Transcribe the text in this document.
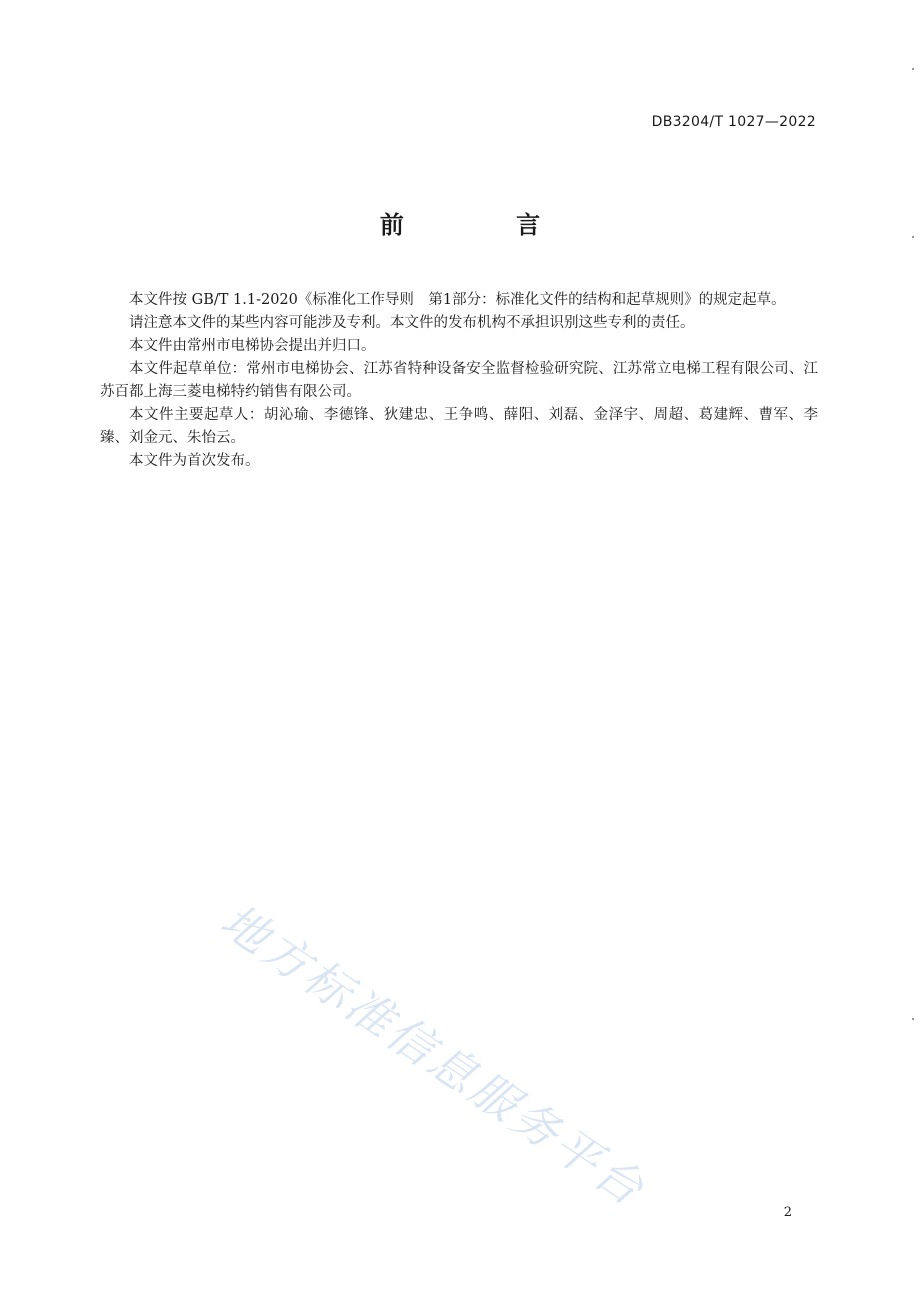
DB3204/T 1027—2022
前 言

本文件按 GB/T 1.1-2020《标准化工作导则　第1部分：标准化文件的结构和起草规则》的规定起草。

请注意本文件的某些内容可能涉及专利。本文件的发布机构不承担识别这些专利的责任。

本文件由常州市电梯协会提出并归口。

本文件起草单位：常州市电梯协会、江苏省特种设备安全监督检验研究院、江苏常立电梯工程有限公司、江苏百都上海三菱电梯特约销售有限公司。

本文件主要起草人：胡沁瑜、李德锋、狄建忠、王争鸣、薛阳、刘磊、金泽宇、周超、葛建辉、曹军、李臻、刘金元、朱怡云。

本文件为首次发布。

地方标准信息服务平台	2
